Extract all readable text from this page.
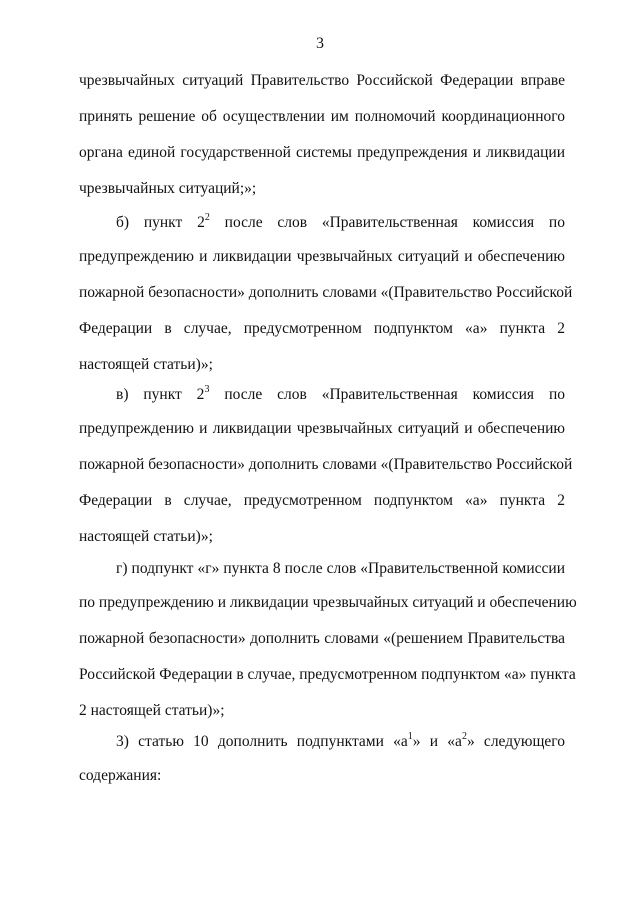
3
чрезвычайных ситуаций Правительство Российской Федерации вправе
принять решение об осуществлении им полномочий координационного
органа единой государственной системы предупреждения и ликвидации
чрезвычайных ситуаций;»;
б) пункт $2^2$ после слов «Правительственная комиссия по
предупреждению и ликвидации чрезвычайных ситуаций и обеспечению
пожарной безопасности» дополнить словами «(Правительство Российской
Федерации в случае, предусмотренном подпунктом «а» пункта 2
настоящей статьи)»;
в) пункт $2^3$ после слов «Правительственная комиссия по
предупреждению и ликвидации чрезвычайных ситуаций и обеспечению
пожарной безопасности» дополнить словами «(Правительство Российской
Федерации в случае, предусмотренном подпунктом «а» пункта 2
настоящей статьи)»;
г) подпункт «г» пункта 8 после слов «Правительственной комиссии
по предупреждению и ликвидации чрезвычайных ситуаций и обеспечению
пожарной безопасности» дополнить словами «(решением Правительства
Российской Федерации в случае, предусмотренном подпунктом «а» пункта
2 настоящей статьи)»;
3) статью 10 дополнить подпунктами «$а^1$» и «$а^2$» следующего
содержания:
